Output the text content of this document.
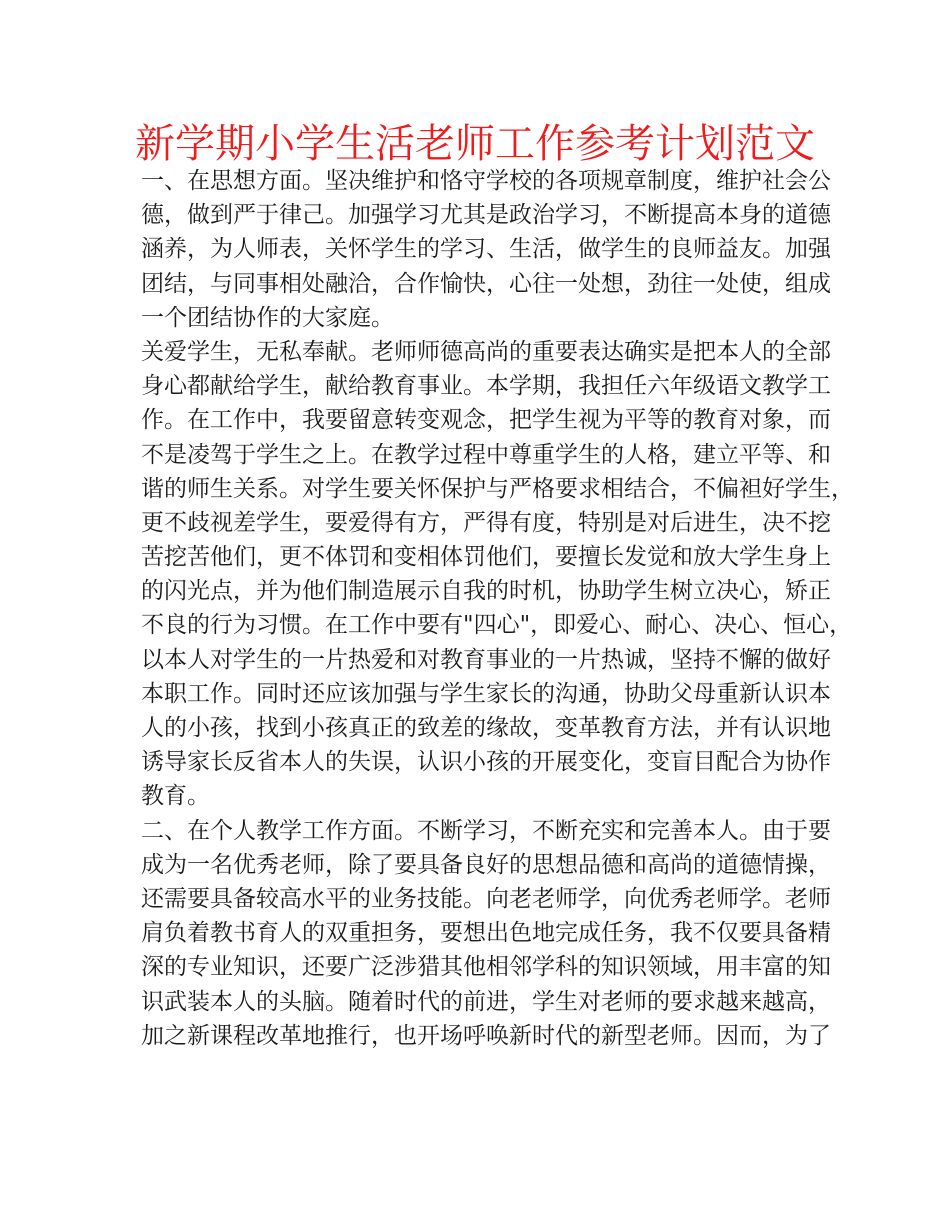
新学期小学生活老师工作参考计划范文
一、在思想方面。坚决维护和恪守学校的各项规章制度，维护社会公
德，做到严于律己。加强学习尤其是政治学习，不断提高本身的道德
涵养，为人师表，关怀学生的学习、生活，做学生的良师益友。加强
团结，与同事相处融洽，合作愉快，心往一处想，劲往一处使，组成
一个团结协作的大家庭。
关爱学生，无私奉献。老师师德高尚的重要表达确实是把本人的全部
身心都献给学生，献给教育事业。本学期，我担任六年级语文教学工
作。在工作中，我要留意转变观念，把学生视为平等的教育对象，而
不是凌驾于学生之上。在教学过程中尊重学生的人格，建立平等、和
谐的师生关系。对学生要关怀保护与严格要求相结合，不偏袒好学生，
更不歧视差学生，要爱得有方，严得有度，特别是对后进生，决不挖
苦挖苦他们，更不体罚和变相体罚他们，要擅长发觉和放大学生身上
的闪光点，并为他们制造展示自我的时机，协助学生树立决心，矫正
不良的行为习惯。在工作中要有"四心"，即爱心、耐心、决心、恒心，
以本人对学生的一片热爱和对教育事业的一片热诚，坚持不懈的做好
本职工作。同时还应该加强与学生家长的沟通，协助父母重新认识本
人的小孩，找到小孩真正的致差的缘故，变革教育方法，并有认识地
诱导家长反省本人的失误，认识小孩的开展变化，变盲目配合为协作
教育。
二、在个人教学工作方面。不断学习，不断充实和完善本人。由于要
成为一名优秀老师，除了要具备良好的思想品德和高尚的道德情操，
还需要具备较高水平的业务技能。向老老师学，向优秀老师学。老师
肩负着教书育人的双重担务，要想出色地完成任务，我不仅要具备精
深的专业知识，还要广泛涉猎其他相邻学科的知识领域，用丰富的知
识武装本人的头脑。随着时代的前进，学生对老师的要求越来越高，
加之新课程改革地推行，也开场呼唤新时代的新型老师。因而，为了
